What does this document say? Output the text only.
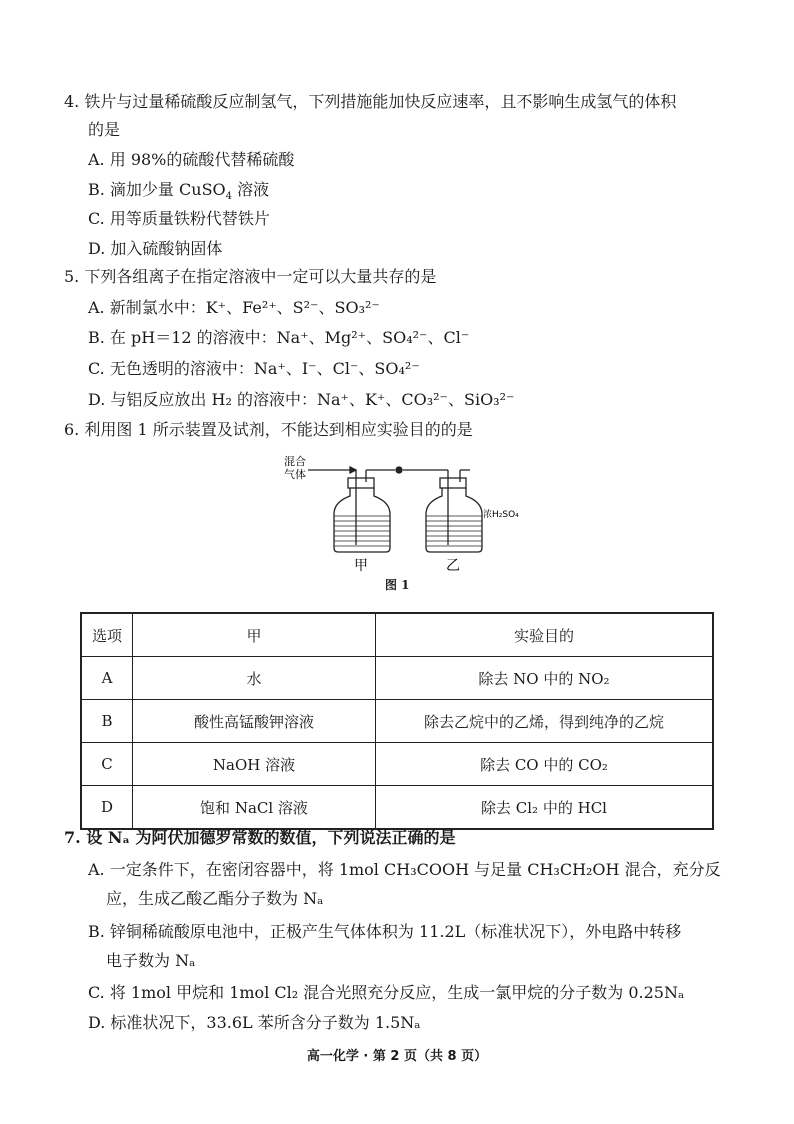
4. 铁片与过量稀硫酸反应制氢气，下列措施能加快反应速率，且不影响生成氢气的体积
的是
A. 用 98%的硫酸代替稀硫酸
B. 滴加少量 CuSO$_4$ 溶液
C. 用等质量铁粉代替铁片
D. 加入硫酸钠固体
5. 下列各组离子在指定溶液中一定可以大量共存的是
A. 新制氯水中：K⁺、Fe²⁺、S²⁻、SO₃²⁻
B. 在 pH＝12 的溶液中：Na⁺、Mg²⁺、SO₄²⁻、Cl⁻
C. 无色透明的溶液中：Na⁺、I⁻、Cl⁻、SO₄²⁻
D. 与铝反应放出 H₂ 的溶液中：Na⁺、K⁺、CO₃²⁻、SiO₃²⁻
6. 利用图 1 所示装置及试剂，不能达到相应实验目的的是
混合
气体
浓H₂SO₄
甲	乙
图 1
选项	甲	实验目的
A	水	除去 NO 中的 NO₂
B	酸性高锰酸钾溶液	除去乙烷中的乙烯，得到纯净的乙烷
C	NaOH 溶液	除去 CO 中的 CO₂
D	饱和 NaCl 溶液	除去 Cl₂ 中的 HCl
7. 设 Nₐ 为阿伏加德罗常数的数值，下列说法正确的是
A. 一定条件下，在密闭容器中，将 1mol CH₃COOH 与足量 CH₃CH₂OH 混合，充分反
应，生成乙酸乙酯分子数为 Nₐ
B. 锌铜稀硫酸原电池中，正极产生气体体积为 11.2L（标准状况下），外电路中转移
电子数为 Nₐ
C. 将 1mol 甲烷和 1mol Cl₂ 混合光照充分反应，生成一氯甲烷的分子数为 0.25Nₐ
D. 标准状况下，33.6L 苯所含分子数为 1.5Nₐ
高一化学 · 第 2 页（共 8 页）
